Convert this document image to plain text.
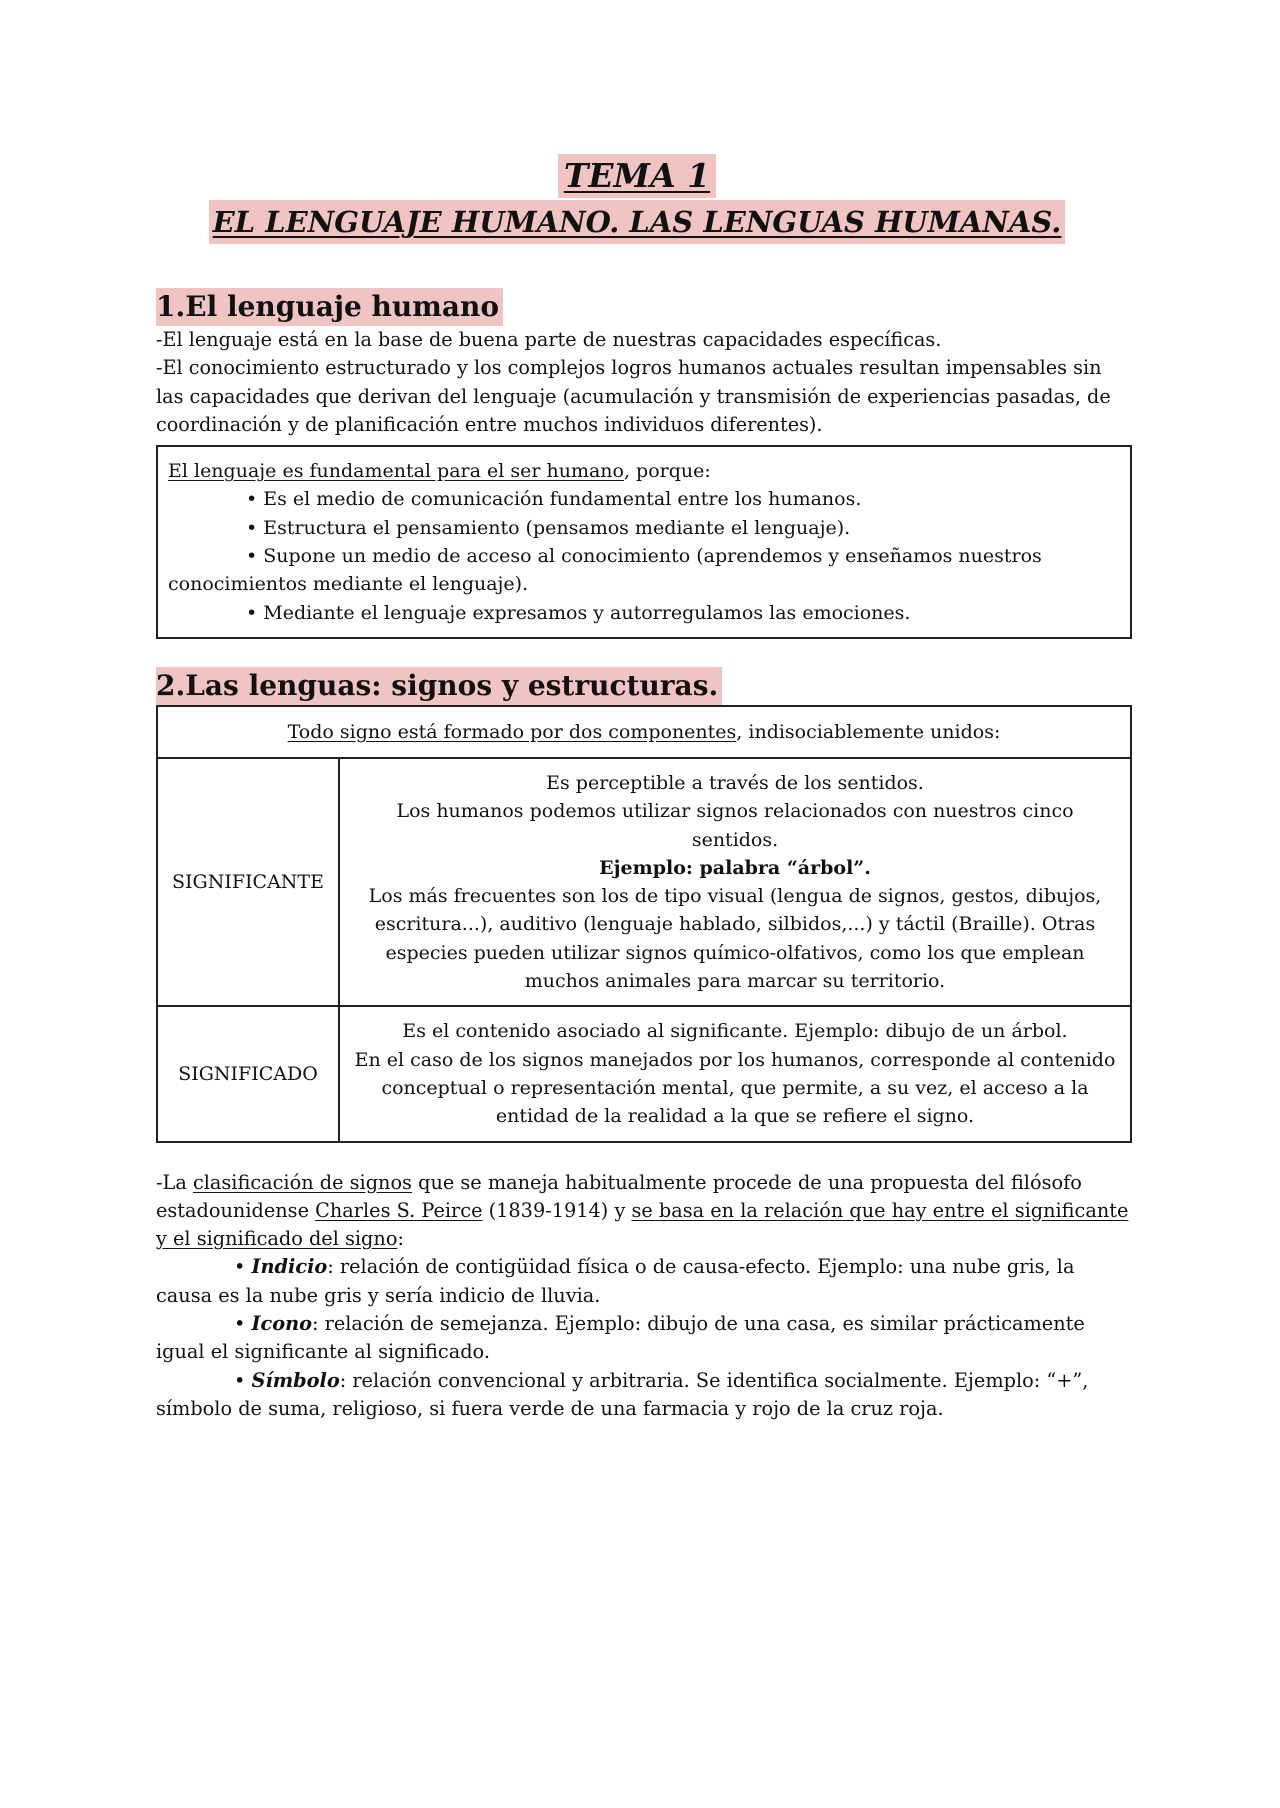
TEMA 1
EL LENGUAJE HUMANO. LAS LENGUAS HUMANAS.
1.El lenguaje humano

-El lenguaje está en la base de buena parte de nuestras capacidades específicas.

-El conocimiento estructurado y los complejos logros humanos actuales resultan impensables sin las capacidades que derivan del lenguaje (acumulación y transmisión de experiencias pasadas, de coordinación y de planificación entre muchos individuos diferentes).

El lenguaje es fundamental para el ser humano, porque:

• Es el medio de comunicación fundamental entre los humanos.

• Estructura el pensamiento (pensamos mediante el lenguaje).

• Supone un medio de acceso al conocimiento (aprendemos y enseñamos nuestros

conocimientos mediante el lenguaje).

• Mediante el lenguaje expresamos y autorregulamos las emociones.

2.Las lenguas: signos y estructuras.
Todo signo está formado por dos componentes, indisociablemente unidos:	
SIGNIFICANTE	Es perceptible a través de los sentidos.
Los humanos podemos utilizar signos relacionados con nuestros cinco sentidos.
Ejemplo: palabra “árbol”.
Los más frecuentes son los de tipo visual (lengua de signos, gestos, dibujos, escritura...), auditivo (lenguaje hablado, silbidos,...) y táctil (Braille). Otras especies pueden utilizar signos químico-olfativos, como los que emplean muchos animales para marcar su territorio.

SIGNIFICADO	Es el contenido asociado al significante. Ejemplo: dibujo de un árbol.
En el caso de los signos manejados por los humanos, corresponde al contenido conceptual o representación mental, que permite, a su vez, el acceso a la entidad de la realidad a la que se refiere el signo.

-La clasificación de signos que se maneja habitualmente procede de una propuesta del filósofo estadounidense Charles S. Peirce (1839-1914) y se basa en la relación que hay entre el significante y el significado del signo:

• Indicio: relación de contigüidad física o de causa-efecto. Ejemplo: una nube gris, la causa es la nube gris y sería indicio de lluvia.

• Icono: relación de semejanza. Ejemplo: dibujo de una casa, es similar prácticamente igual el significante al significado.

• Símbolo: relación convencional y arbitraria. Se identifica socialmente. Ejemplo: “+”, símbolo de suma, religioso, si fuera verde de una farmacia y rojo de la cruz roja.
